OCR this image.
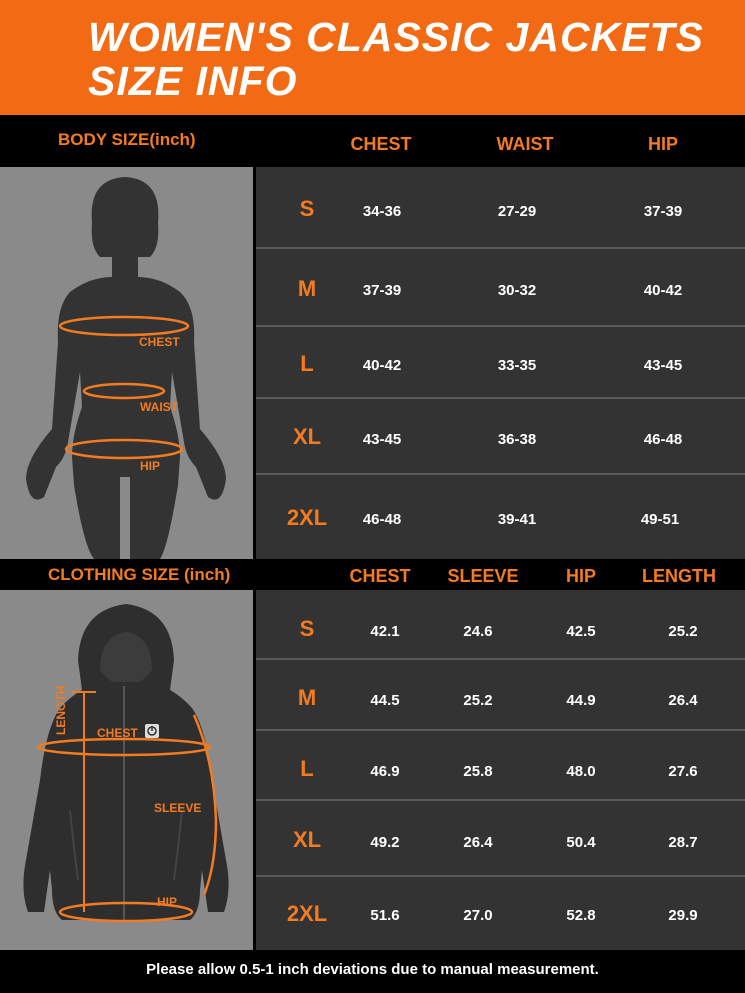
WOMEN'S CLASSIC JACKETS
SIZE INFO
BODY SIZE(inch)	CHEST	WAIST	HIP
CHEST
WAIST
HIP
S	34-36	27-29	37-39
M	37-39	30-32	40-42
L	40-42	33-35	43-45
XL	43-45	36-38	46-48
2XL	46-48	39-41	49-51
CLOTHING SIZE (inch)	CHEST	SLEEVE	HIP	LENGTH
LENGTH CHEST
SLEEVE
HIP
S	42.1	24.6	42.5	25.2
M	44.5	25.2	44.9	26.4
L	46.9	25.8	48.0	27.6
XL	49.2	26.4	50.4	28.7
2XL	51.6	27.0	52.8	29.9
Please allow 0.5-1 inch deviations due to manual measurement.
